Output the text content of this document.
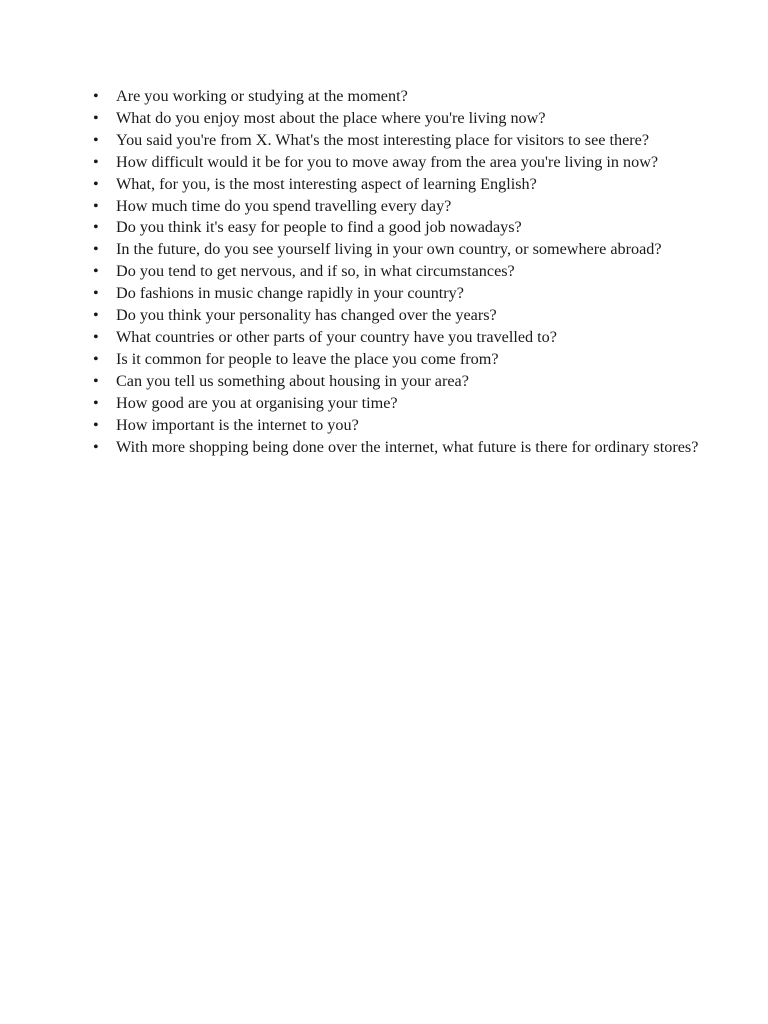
• Are you working or studying at the moment?
• What do you enjoy most about the place where you're living now?
• You said you're from X. What's the most interesting place for visitors to see there?
• How difficult would it be for you to move away from the area you're living in now?
• What, for you, is the most interesting aspect of learning English?
• How much time do you spend travelling every day?
• Do you think it's easy for people to find a good job nowadays?
• In the future, do you see yourself living in your own country, or somewhere abroad?
• Do you tend to get nervous, and if so, in what circumstances?
• Do fashions in music change rapidly in your country?
• Do you think your personality has changed over the years?
• What countries or other parts of your country have you travelled to?
• Is it common for people to leave the place you come from?
• Can you tell us something about housing in your area?
• How good are you at organising your time?
• How important is the internet to you?
• With more shopping being done over the internet, what future is there for ordinary stores?
